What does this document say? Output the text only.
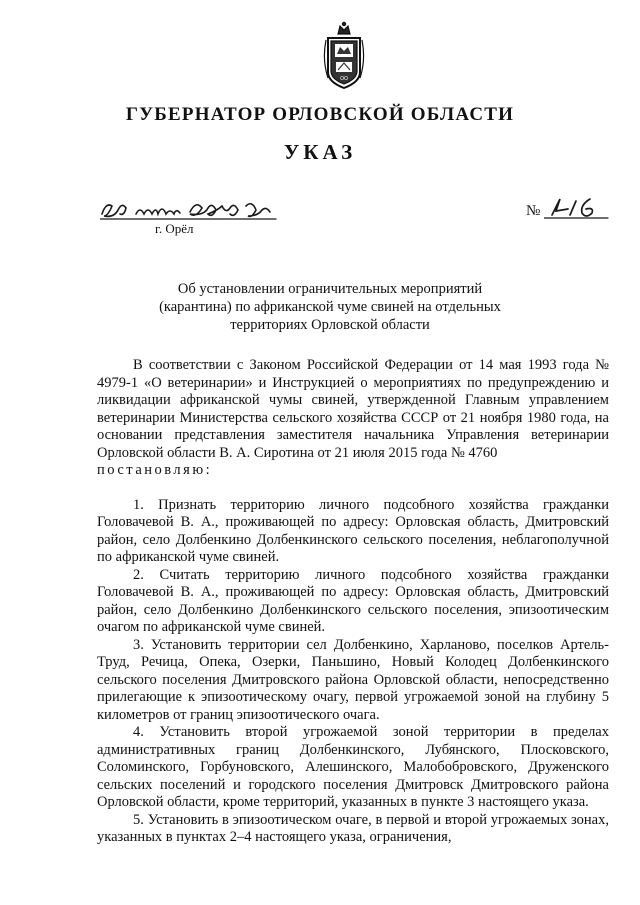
ОО
ГУБЕРНАТОР ОРЛОВСКОЙ ОБЛАСТИ
УКАЗ
г. Орёл
№
Об установлении ограничительных мероприятий
(карантина) по африканской чуме свиней на отдельных
территориях Орловской области

В соответствии с Законом Российской Федерации от 14 мая 1993 года № 4979-1 «О ветеринарии» и Инструкцией о мероприятиях по предупреждению и ликвидации африканской чумы свиней, утвержденной Главным управлением ветеринарии Министерства сельского хозяйства СССР от 21 ноября 1980 года, на основании представления заместителя начальника Управления ветеринарии Орловской области В. А. Сиротина от 21 июля 2015 года № 4760
постановляю:

1. Признать территорию личного подсобного хозяйства гражданки Головачевой В. А., проживающей по адресу: Орловская область, Дмитровский район, село Долбенкино Долбенкинского сельского поселения, неблагополучной по африканской чуме свиней.

2. Считать территорию личного подсобного хозяйства гражданки Головачевой В. А., проживающей по адресу: Орловская область, Дмитровский район, село Долбенкино Долбенкинского сельского поселения, эпизоотическим очагом по африканской чуме свиней.

3. Установить территории сел Долбенкино, Харланово, поселков Артель-Труд, Речица, Опека, Озерки, Паньшино, Новый Колодец Долбенкинского сельского поселения Дмитровского района Орловской области, непосредственно прилегающие к эпизоотическому очагу, первой угрожаемой зоной на глубину 5 километров от границ эпизоотического очага.

4. Установить второй угрожаемой зоной территории в пределах административных границ Долбенкинского, Лубянского, Плосковского, Соломинского, Горбуновского, Алешинского, Малобобровского, Друженского сельских поселений и городского поселения Дмитровск Дмитровского района Орловской области, кроме территорий, указанных в пункте 3 настоящего указа.

5. Установить в эпизоотическом очаге, в первой и второй угрожаемых зонах, указанных в пунктах 2–4 настоящего указа, ограничения,
